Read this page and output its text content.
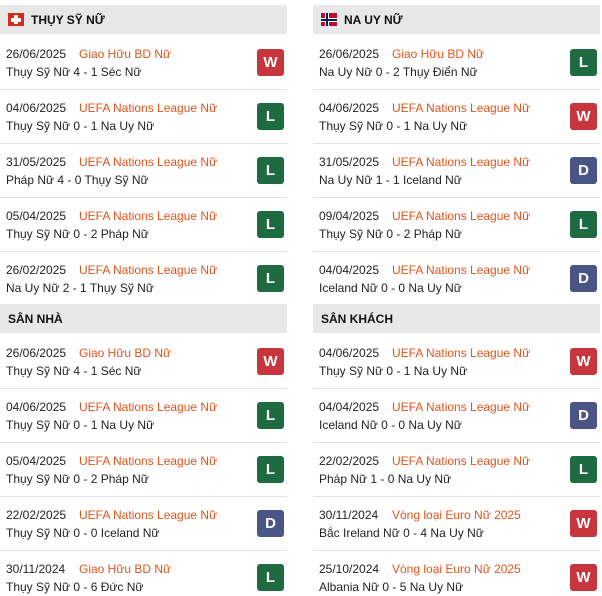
THỤY SỸ NỮ
26/06/2025 Giao Hữu BD Nữ
Thụy Sỹ Nữ 4 - 1 Séc Nữ
W
04/06/2025 UEFA Nations League Nữ
Thụy Sỹ Nữ 0 - 1 Na Uy Nữ
L
31/05/2025 UEFA Nations League Nữ
Pháp Nữ 4 - 0 Thụy Sỹ Nữ
L
05/04/2025 UEFA Nations League Nữ
Thụy Sỹ Nữ 0 - 2 Pháp Nữ
L
26/02/2025 UEFA Nations League Nữ
Na Uy Nữ 2 - 1 Thụy Sỹ Nữ
L
NA UY NỮ
26/06/2025 Giao Hữu BD Nữ
Na Uy Nữ 0 - 2 Thụy Điển Nữ
L
04/06/2025 UEFA Nations League Nữ
Thụy Sỹ Nữ 0 - 1 Na Uy Nữ
W
31/05/2025 UEFA Nations League Nữ
Na Uy Nữ 1 - 1 Iceland Nữ
D
09/04/2025 UEFA Nations League Nữ
Thụy Sỹ Nữ 0 - 2 Pháp Nữ
L
04/04/2025 UEFA Nations League Nữ
Iceland Nữ 0 - 0 Na Uy Nữ
D
SÂN NHÀ
26/06/2025 Giao Hữu BD Nữ
Thụy Sỹ Nữ 4 - 1 Séc Nữ
W
04/06/2025 UEFA Nations League Nữ
Thụy Sỹ Nữ 0 - 1 Na Uy Nữ
L
05/04/2025 UEFA Nations League Nữ
Thụy Sỹ Nữ 0 - 2 Pháp Nữ
L
22/02/2025 UEFA Nations League Nữ
Thụy Sỹ Nữ 0 - 0 Iceland Nữ
D
30/11/2024 Giao Hữu BD Nữ
Thụy Sỹ Nữ 0 - 6 Đức Nữ
L
SÂN KHÁCH
04/06/2025 UEFA Nations League Nữ
Thụy Sỹ Nữ 0 - 1 Na Uy Nữ
W
04/04/2025 UEFA Nations League Nữ
Iceland Nữ 0 - 0 Na Uy Nữ
D
22/02/2025 UEFA Nations League Nữ
Pháp Nữ 1 - 0 Na Uy Nữ
L
30/11/2024 Vòng loại Euro Nữ 2025
Bắc Ireland Nữ 0 - 4 Na Uy Nữ
W
25/10/2024 Vòng loại Euro Nữ 2025
Albania Nữ 0 - 5 Na Uy Nữ
W
